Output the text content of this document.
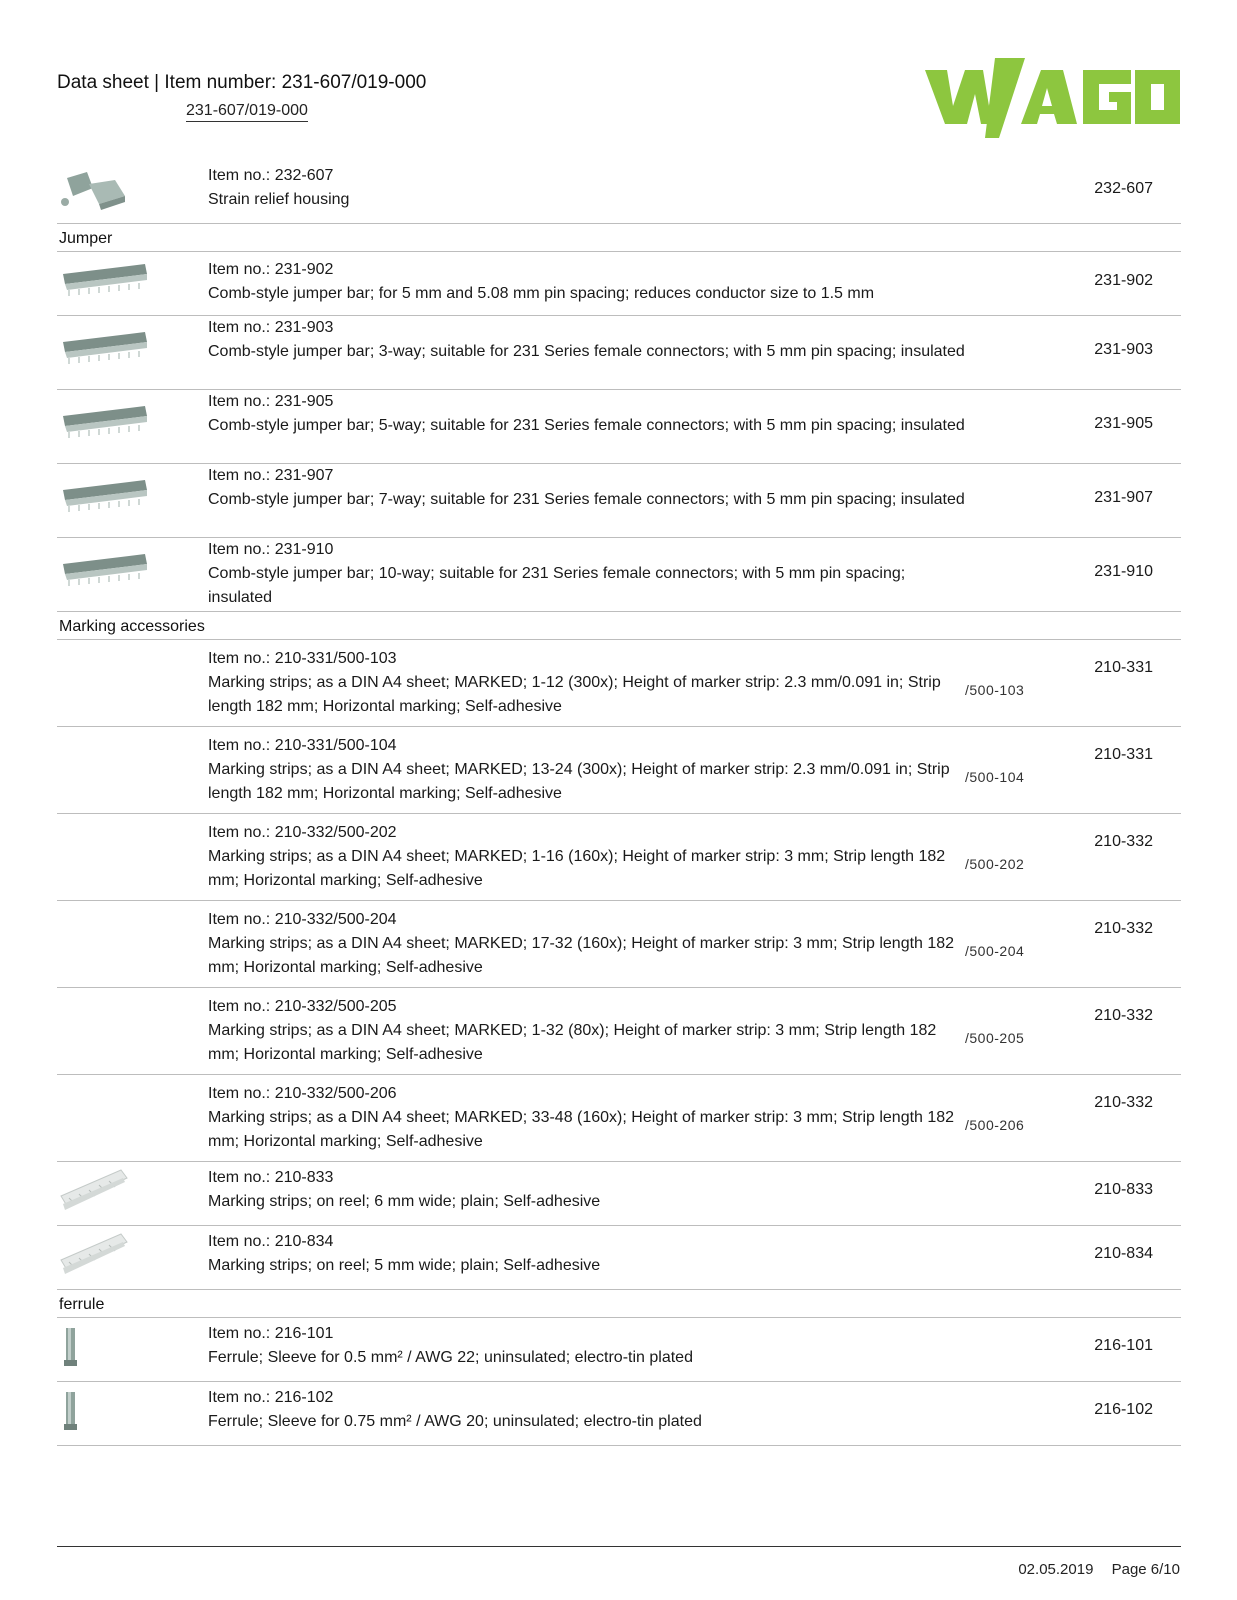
Data sheet | Item number: 231-607/019-000
231-607/019-000
Item no.: 232-607
Strain relief housing
232-607
Jumper
Item no.: 231-902
Comb-style jumper bar; for 5 mm and 5.08 mm pin spacing; reduces conductor size to 1.5 mm
231-902
Item no.: 231-903
Comb-style jumper bar; 3-way; suitable for 231 Series female connectors; with 5 mm pin spacing; insulated	231-903
Item no.: 231-905
Comb-style jumper bar; 5-way; suitable for 231 Series female connectors; with 5 mm pin spacing; insulated	231-905
Item no.: 231-907
Comb-style jumper bar; 7-way; suitable for 231 Series female connectors; with 5 mm pin spacing; insulated	231-907
Item no.: 231-910
Comb-style jumper bar; 10-way; suitable for 231 Series female connectors; with 5 mm pin spacing; insulated
231-910
Marking accessories
Item no.: 210-331/500-103
Marking strips; as a DIN A4 sheet; MARKED; 1-12 (300x); Height of marker strip: 2.3 mm/0.091 in; Strip length 182 mm; Horizontal marking; Self-adhesive
/500-103
210-331
Item no.: 210-331/500-104
Marking strips; as a DIN A4 sheet; MARKED; 13-24 (300x); Height of marker strip: 2.3 mm/0.091 in; Strip length 182 mm; Horizontal marking; Self-adhesive
/500-104
210-331
Item no.: 210-332/500-202
Marking strips; as a DIN A4 sheet; MARKED; 1-16 (160x); Height of marker strip: 3 mm; Strip length 182 mm; Horizontal marking; Self-adhesive
/500-202
210-332
Item no.: 210-332/500-204
Marking strips; as a DIN A4 sheet; MARKED; 17-32 (160x); Height of marker strip: 3 mm; Strip length 182 mm; Horizontal marking; Self-adhesive
/500-204
210-332
Item no.: 210-332/500-205
Marking strips; as a DIN A4 sheet; MARKED; 1-32 (80x); Height of marker strip: 3 mm; Strip length 182 mm; Horizontal marking; Self-adhesive
/500-205
210-332
Item no.: 210-332/500-206
Marking strips; as a DIN A4 sheet; MARKED; 33-48 (160x); Height of marker strip: 3 mm; Strip length 182 mm; Horizontal marking; Self-adhesive
/500-206
210-332
Item no.: 210-833
Marking strips; on reel; 6 mm wide; plain; Self-adhesive
210-833
Item no.: 210-834
Marking strips; on reel; 5 mm wide; plain; Self-adhesive
210-834
ferrule
Item no.: 216-101
Ferrule; Sleeve for 0.5 mm² / AWG 22; uninsulated; electro-tin plated
216-101
Item no.: 216-102
Ferrule; Sleeve for 0.75 mm² / AWG 20; uninsulated; electro-tin plated
216-102
02.05.2019 Page 6/10
